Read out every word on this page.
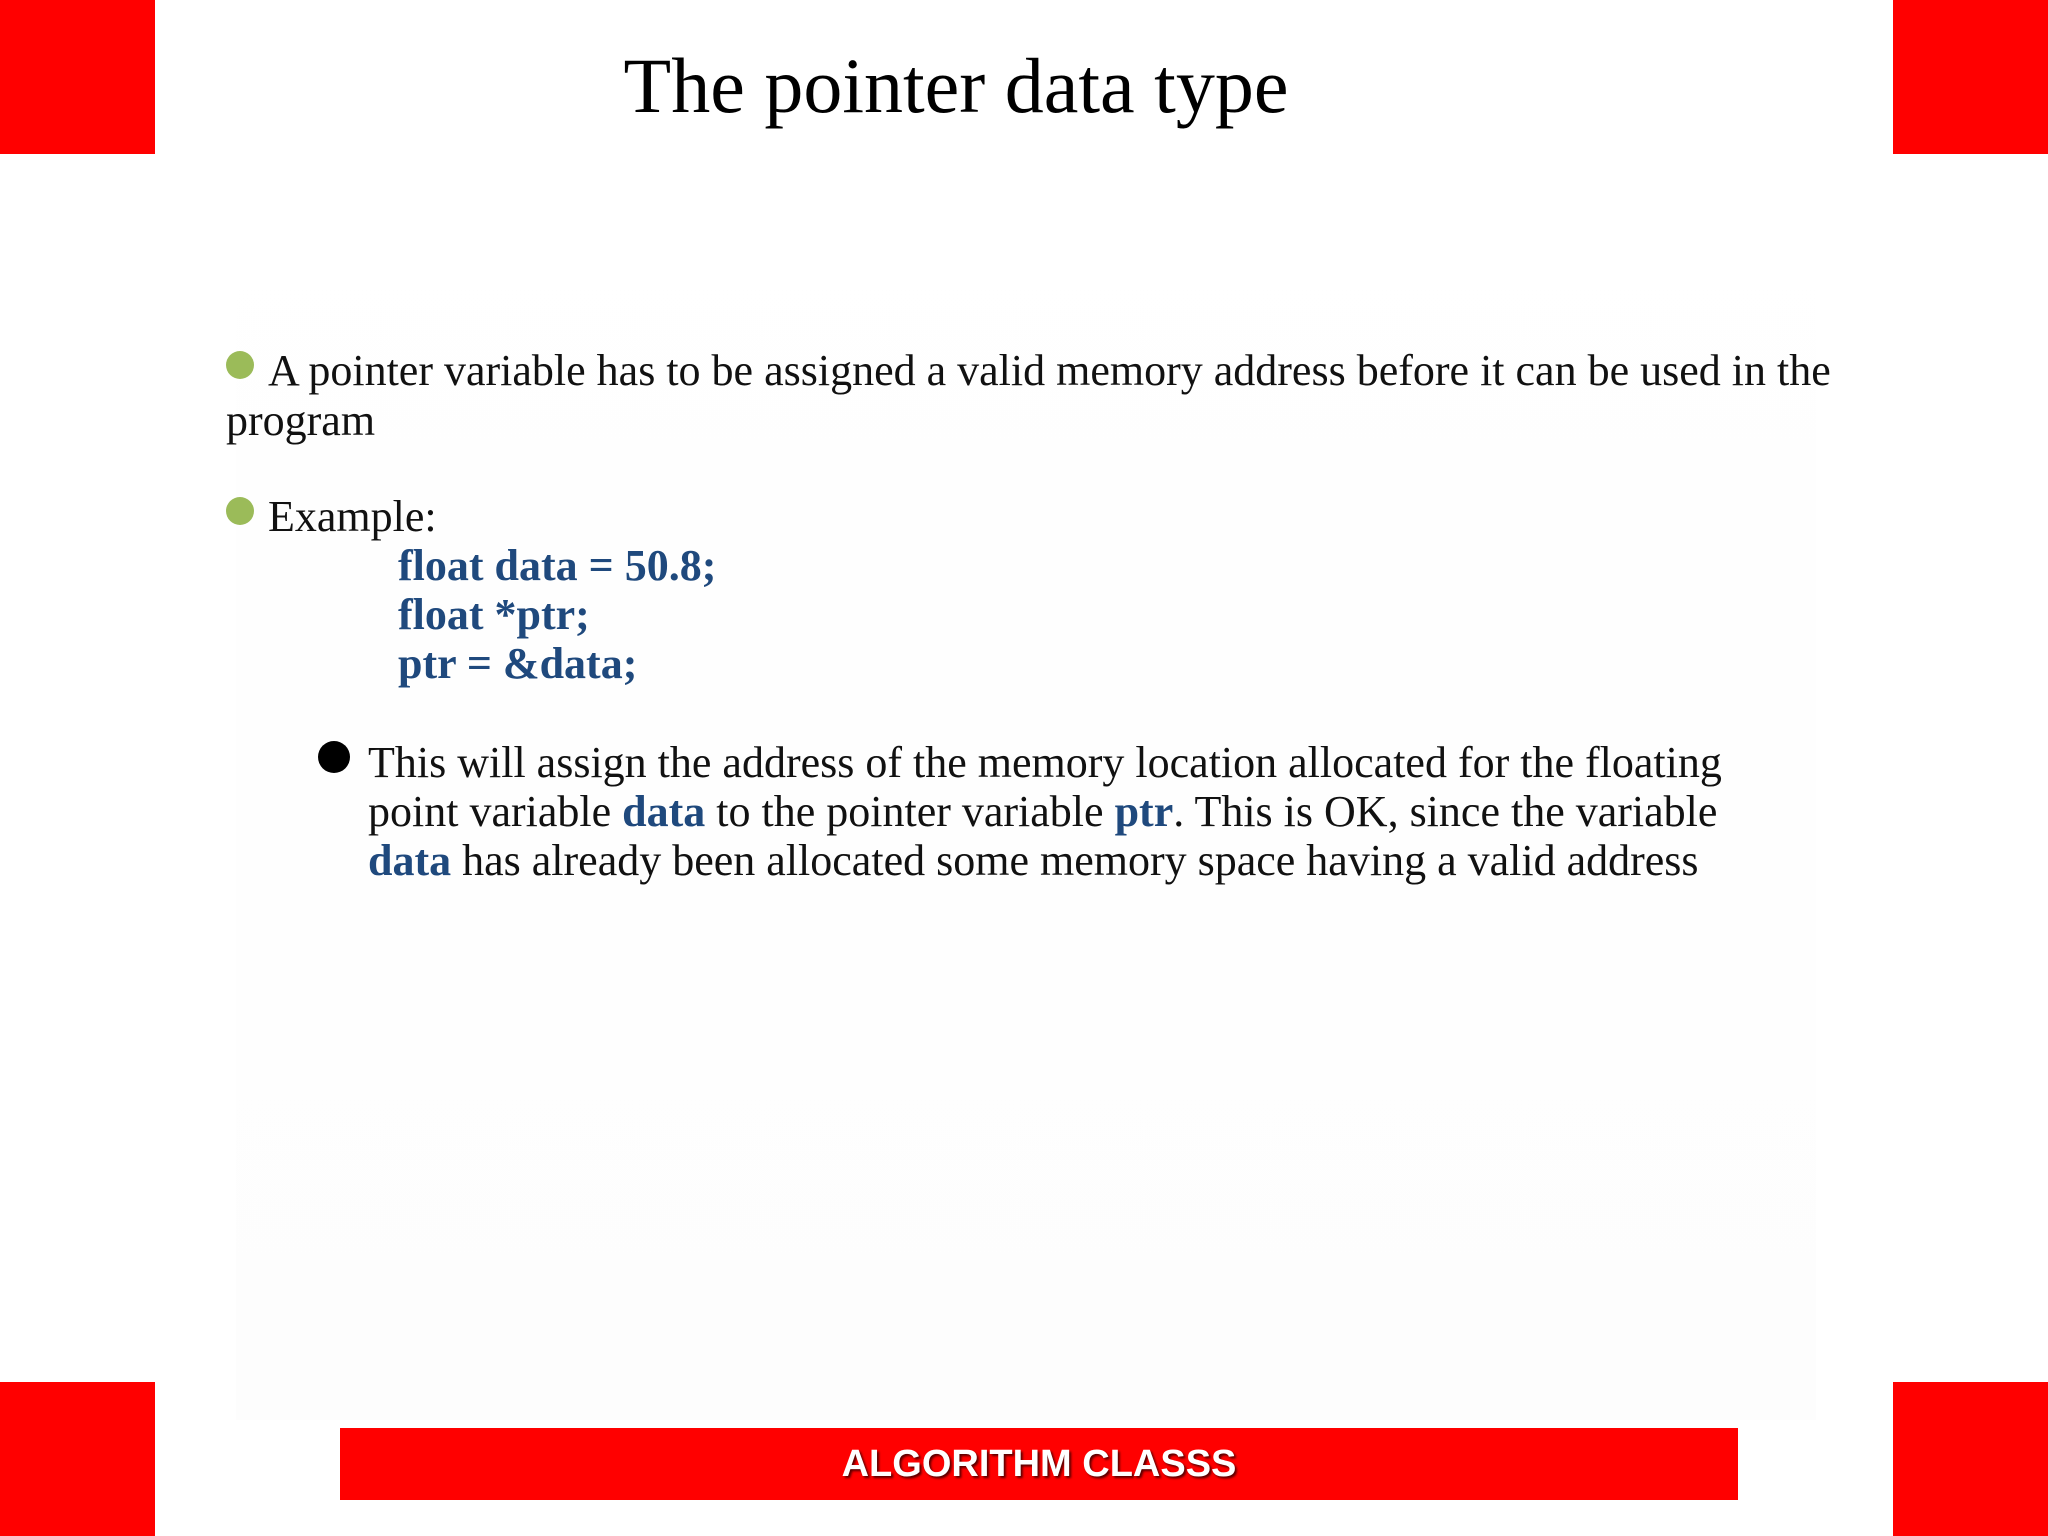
The pointer data type
A pointer variable has to be assigned a valid memory address before it can be used in the program
Example:
float data = 50.8;
float *ptr;
ptr = &data;
This will assign the address of the memory location allocated for the floating point variable data to the pointer variable ptr. This is OK, since the variable data has already been allocated some memory space having a valid address
ALGORITHM CLASSS
